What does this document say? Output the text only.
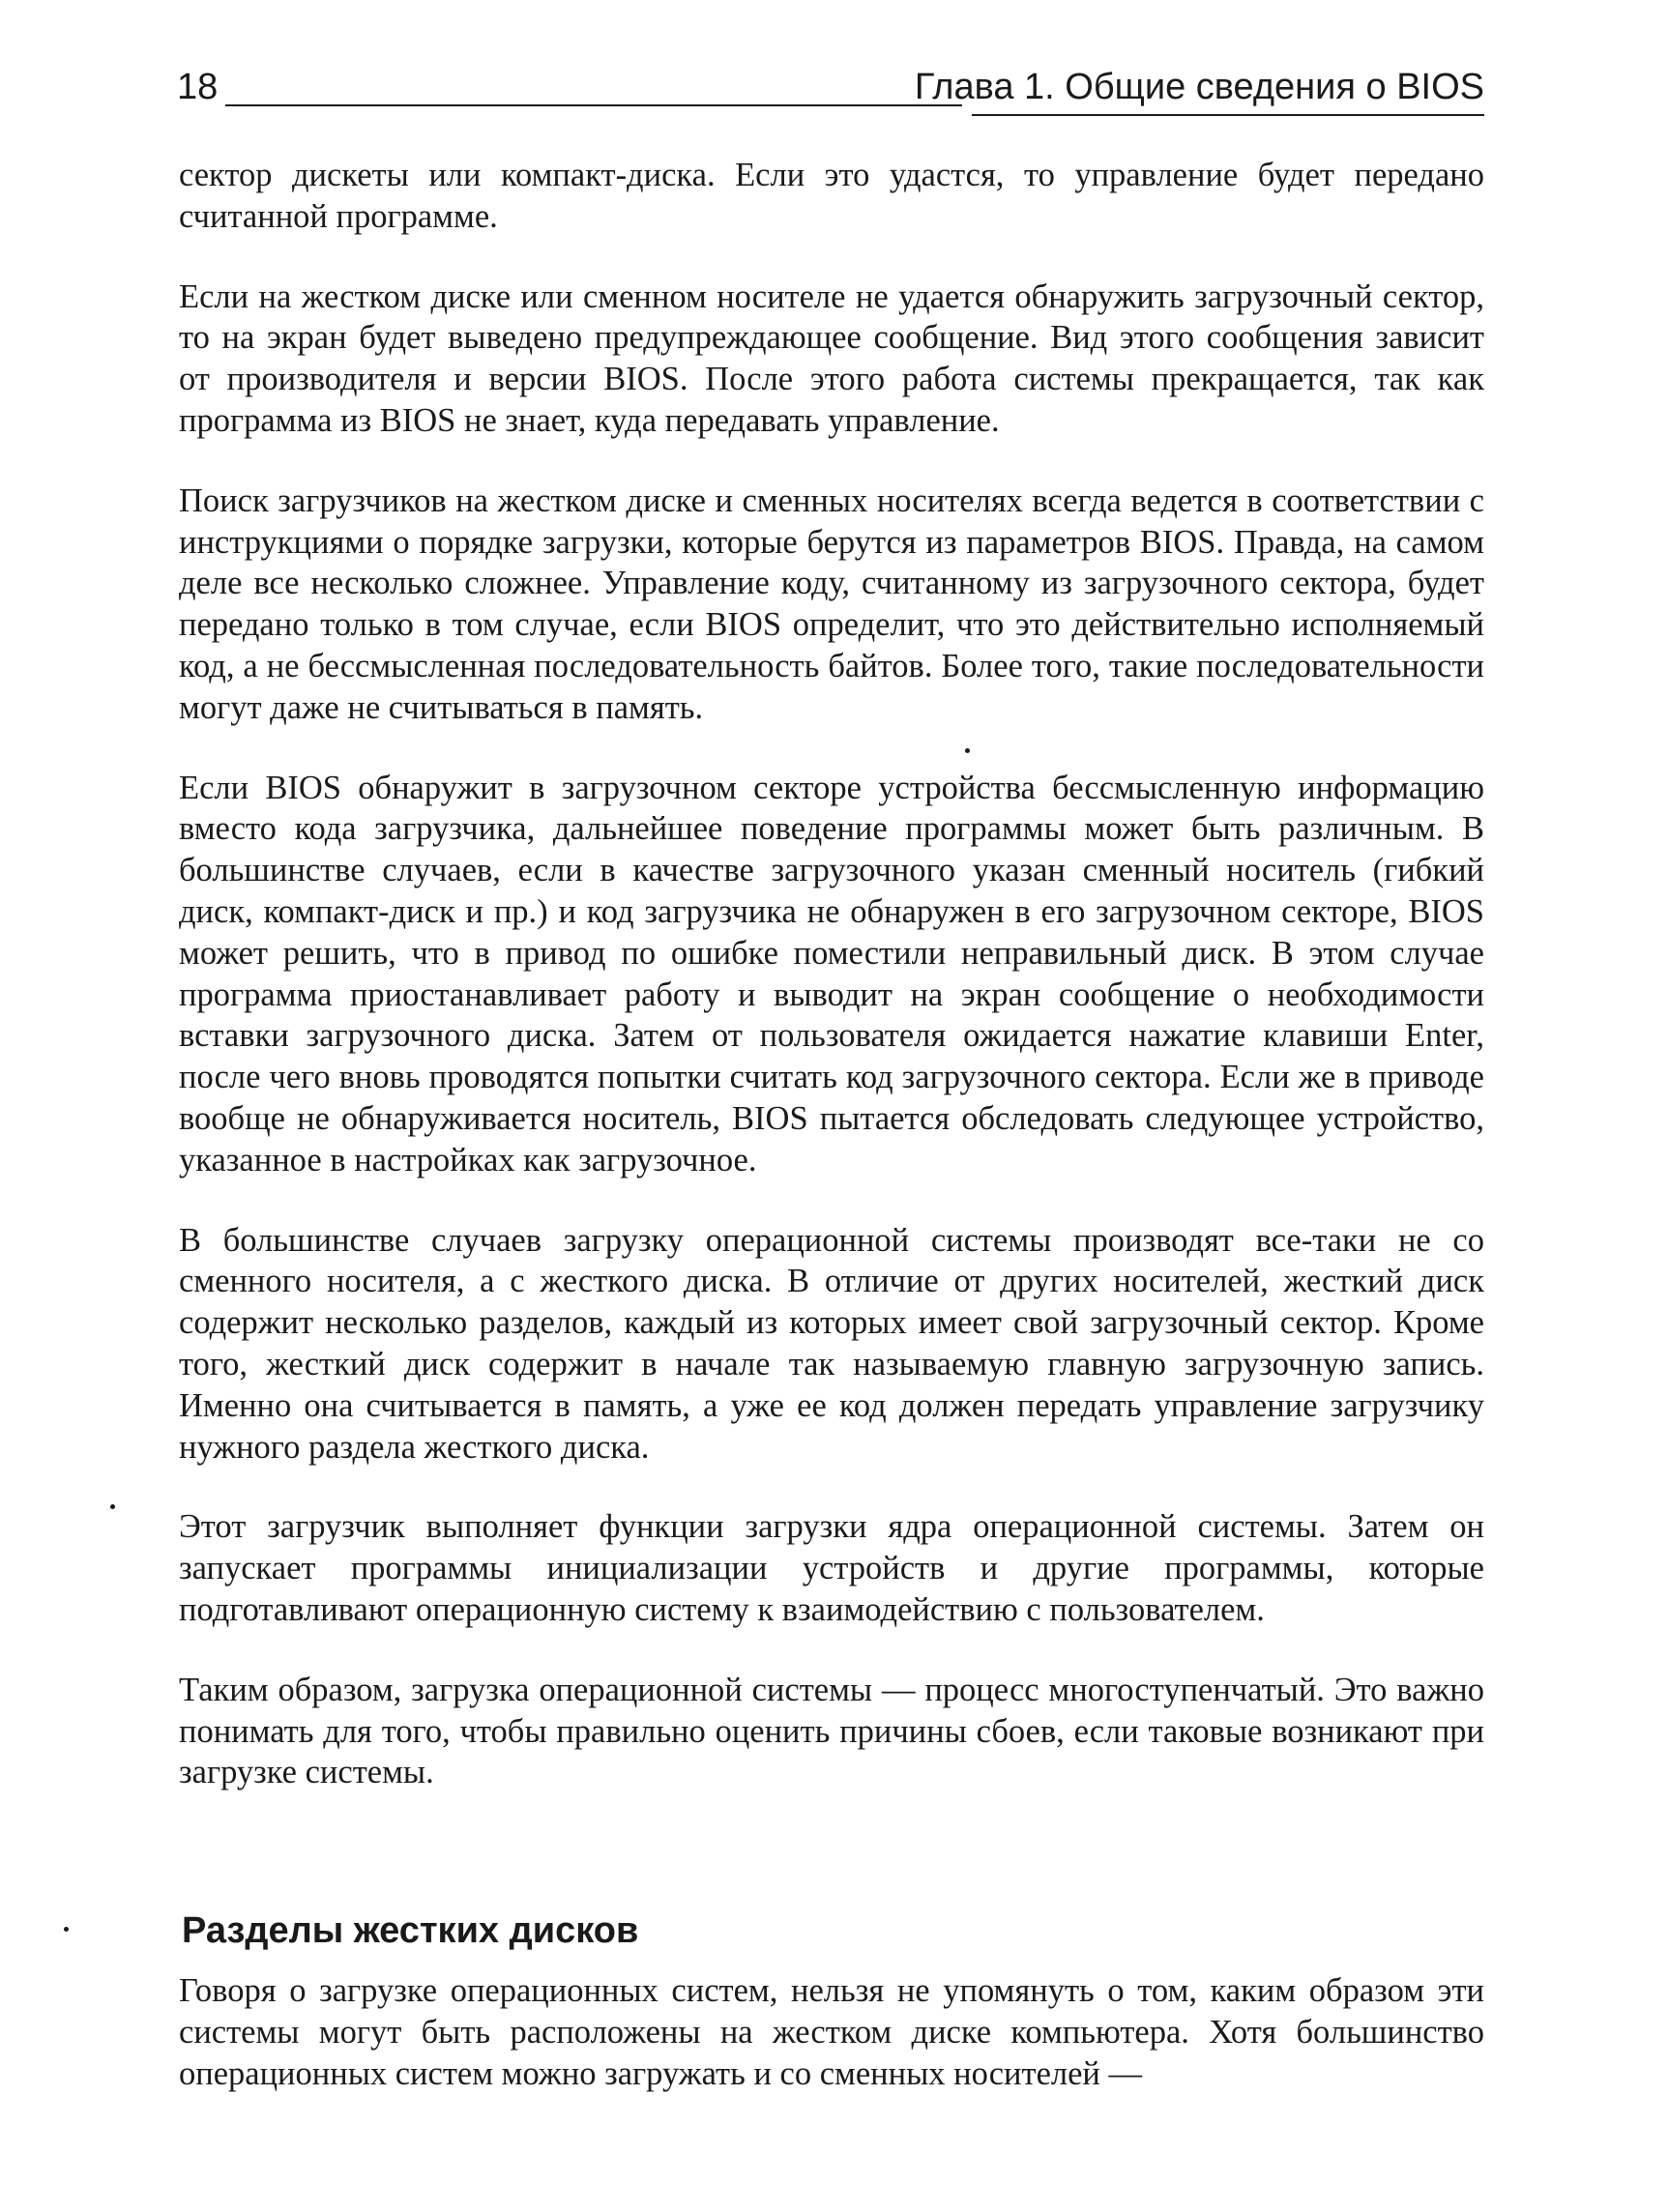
18	Глава 1. Общие сведения о BIOS

сектор дискеты или компакт-диска. Если это удастся, то управление будет передано считанной программе.

Если на жестком диске или сменном носителе не удается обнаружить загрузочный сектор, то на экран будет выведено предупреждающее сообщение. Вид этого сообщения зависит от производителя и версии BIOS. После этого работа системы прекращается, так как программа из BIOS не знает, куда передавать управление.

Поиск загрузчиков на жестком диске и сменных носителях всегда ведется в соответствии с инструкциями о порядке загрузки, которые берутся из параметров BIOS. Правда, на самом деле все несколько сложнее. Управление коду, считанному из загрузочного сектора, будет передано только в том случае, если BIOS определит, что это действительно исполняемый код, а не бессмысленная последовательность байтов. Более того, такие последовательности могут даже не считываться в память.

Если BIOS обнаружит в загрузочном секторе устройства бессмысленную информацию вместо кода загрузчика, дальнейшее поведение программы может быть различным. В большинстве случаев, если в качестве загрузочного указан сменный носитель (гибкий диск, компакт-диск и пр.) и код загрузчика не обнаружен в его загрузочном секторе, BIOS может решить, что в привод по ошибке поместили неправильный диск. В этом случае программа приостанавливает работу и выводит на экран сообщение о необходимости вставки загрузочного диска. Затем от пользователя ожидается нажатие клавиши Enter, после чего вновь проводятся попытки считать код загрузочного сектора. Если же в приводе вообще не обнаруживается носитель, BIOS пытается обследовать следующее устройство, указанное в настройках как загрузочное.

В большинстве случаев загрузку операционной системы производят все-таки не со сменного носителя, а с жесткого диска. В отличие от других носителей, жесткий диск содержит несколько разделов, каждый из которых имеет свой загрузочный сектор. Кроме того, жесткий диск содержит в начале так называемую главную загрузочную запись. Именно она считывается в память, а уже ее код должен передать управление загрузчику нужного раздела жесткого диска.

Этот загрузчик выполняет функции загрузки ядра операционной системы. Затем он запускает программы инициализации устройств и другие программы, которые подготавливают операционную систему к взаимодействию с пользователем.

Таким образом, загрузка операционной системы — процесс многоступенчатый. Это важно понимать для того, чтобы правильно оценить причины сбоев, если таковые возникают при загрузке системы.

Разделы жестких дисков

Говоря о загрузке операционных систем, нельзя не упомянуть о том, каким образом эти системы могут быть расположены на жестком диске компьютера. Хотя большинство операционных систем можно загружать и со сменных носителей —
